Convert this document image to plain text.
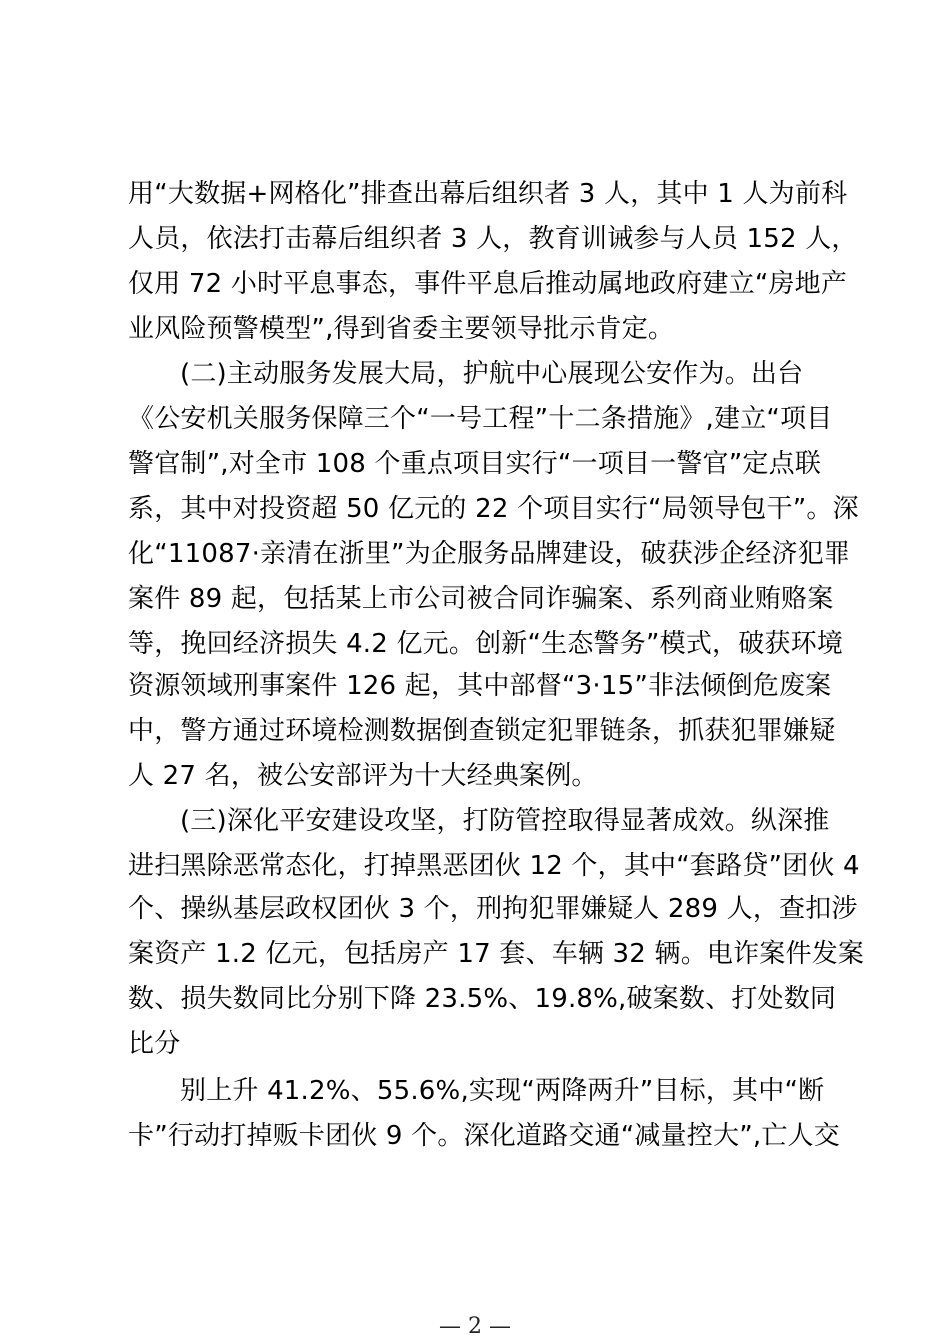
用“大数据+网格化”排查出幕后组织者 3 人，其中 1 人为前科
人员，依法打击幕后组织者 3 人，教育训诫参与人员 152 人，
仅用 72 小时平息事态，事件平息后推动属地政府建立“房地产
业风险预警模型”,得到省委主要领导批示肯定。
(二)主动服务发展大局，护航中心展现公安作为。出台
《公安机关服务保障三个“一号工程”十二条措施》,建立“项目
警官制”,对全市 108 个重点项目实行“一项目一警官”定点联
系，其中对投资超 50 亿元的 22 个项目实行“局领导包干”。深
化“11087·亲清在浙里”为企服务品牌建设，破获涉企经济犯罪
案件 89 起，包括某上市公司被合同诈骗案、系列商业贿赂案
等，挽回经济损失 4.2 亿元。创新“生态警务”模式，破获环境
资源领域刑事案件 126 起，其中部督“3·15”非法倾倒危废案
中，警方通过环境检测数据倒查锁定犯罪链条，抓获犯罪嫌疑
人 27 名，被公安部评为十大经典案例。
(三)深化平安建设攻坚，打防管控取得显著成效。纵深推
进扫黑除恶常态化，打掉黑恶团伙 12 个，其中“套路贷”团伙 4
个、操纵基层政权团伙 3 个，刑拘犯罪嫌疑人 289 人，查扣涉
案资产 1.2 亿元，包括房产 17 套、车辆 32 辆。电诈案件发案
数、损失数同比分别下降 23.5%、19.8%,破案数、打处数同
比分
别上升 41.2%、55.6%,实现“两降两升”目标，其中“断
卡”行动打掉贩卡团伙 9 个。深化道路交通“减量控大”,亡人交
— 2 —
